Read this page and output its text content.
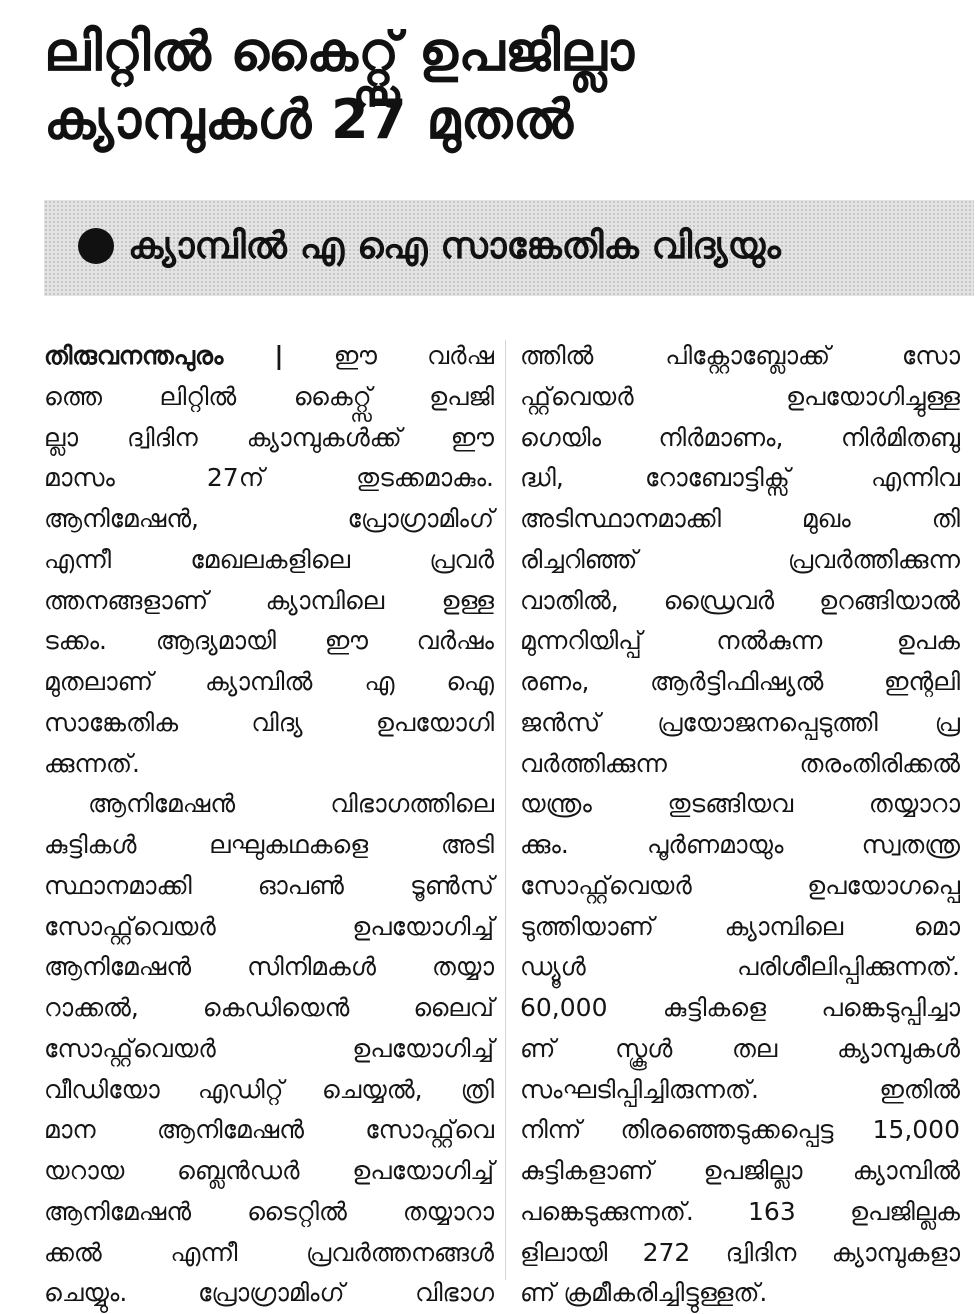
ലിറ്റിൽ കൈറ്റ്സ് ഉപജില്ലാ
ക്യാമ്പുകൾ 27 മുതൽ
ക്യാമ്പിൽ എ ഐ സാങ്കേതിക വിദ്യയും
തിരുവനന്തപുരം | ഈ വർഷ
ത്തെ ലിറ്റിൽ കൈറ്റ്സ് ഉപജി
ല്ലാ ദ്വിദിന ക്യാമ്പുകൾക്ക് ഈ
മാസം 27ന് തുടക്കമാകും.
ആനിമേഷൻ, പ്രോഗ്രാമിംഗ്
എന്നീ മേഖലകളിലെ പ്രവർ
ത്തനങ്ങളാണ് ക്യാമ്പിലെ ഉള്ള
ടക്കം. ആദ്യമായി ഈ വർഷം
മുതലാണ് ക്യാമ്പിൽ എ ഐ
സാങ്കേതിക വിദ്യ ഉപയോഗി
ക്കുന്നത്.
ആനിമേഷൻ വിഭാഗത്തിലെ
കുട്ടികൾ ലഘുകഥകളെ അടി
സ്ഥാനമാക്കി ഓപൺ ടൂൺസ്
സോഫ്റ്റ്‌വെയർ ഉപയോഗിച്ച്
ആനിമേഷൻ സിനിമകൾ തയ്യാ
റാക്കൽ, കെഡിയെൻ ലൈവ്
സോഫ്റ്റ്‌വെയർ ഉപയോഗിച്ച്
വീഡിയോ എഡിറ്റ് ചെയ്യൽ, ത്രി
മാന ആനിമേഷൻ സോഫ്റ്റ്‌വെ
യറായ ബ്ലെൻഡർ ഉപയോഗിച്ച്
ആനിമേഷൻ ടൈറ്റിൽ തയ്യാറാ
ക്കൽ എന്നീ പ്രവർത്തനങ്ങൾ
ചെയ്യും. പ്രോഗ്രാമിംഗ് വിഭാഗ
ത്തിൽ പിക്റ്റോബ്ലോക്ക് സോ
ഫ്റ്റ്‌വെയർ ഉപയോഗിച്ചുള്ള
ഗെയിം നിർമാണം, നിർമിതബു
ദ്ധി, റോബോട്ടിക്സ് എന്നിവ
അടിസ്ഥാനമാക്കി മുഖം തി
രിച്ചറിഞ്ഞ് പ്രവർത്തിക്കുന്ന
വാതിൽ, ഡ്രൈവർ ഉറങ്ങിയാൽ
മുന്നറിയിപ്പ് നൽകുന്ന ഉപക
രണം, ആർട്ടിഫിഷ്യൽ ഇന്റലി
ജൻസ് പ്രയോജനപ്പെടുത്തി പ്ര
വർത്തിക്കുന്ന തരംതിരിക്കൽ
യന്ത്രം തുടങ്ങിയവ തയ്യാറാ
ക്കും. പൂർണമായും സ്വതന്ത്ര
സോഫ്റ്റ്‌വെയർ ഉപയോഗപ്പെ
ടുത്തിയാണ് ക്യാമ്പിലെ മൊ
ഡ്യൂൾ പരിശീലിപ്പിക്കുന്നത്.
60,000 കുട്ടികളെ പങ്കെടുപ്പിച്ചാ
ണ് സ്കൂൾ തല ക്യാമ്പുകൾ
സംഘടിപ്പിച്ചിരുന്നത്. ഇതിൽ
നിന്ന് തിരഞ്ഞെടുക്കപ്പെട്ട 15,000
കുട്ടികളാണ് ഉപജില്ലാ ക്യാമ്പിൽ
പങ്കെടുക്കുന്നത്. 163 ഉപജില്ലക
ളിലായി 272 ദ്വിദിന ക്യാമ്പുകളാ
ണ് ക്രമീകരിച്ചിട്ടുള്ളത്.
